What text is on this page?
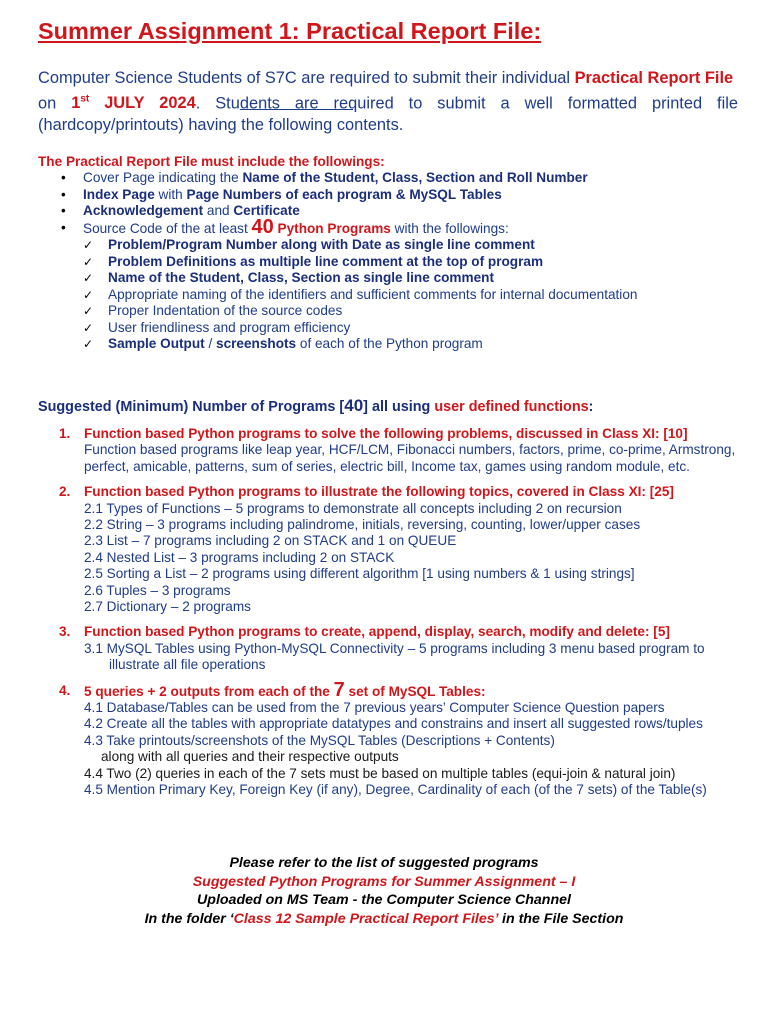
Summer Assignment 1: Practical Report File:

Computer Science Students of S7C are required to submit their individual Practical Report File
on 1st JULY 2024. Students are required to submit a well formatted printed file (hardcopy/printouts) having the following contents.

The Practical Report File must include the followings:
• Cover Page indicating the Name of the Student, Class, Section and Roll Number
• Index Page with Page Numbers of each program & MySQL Tables
• Acknowledgement and Certificate
• Source Code of the at least 40 Python Programs with the followings:
✓ Problem/Program Number along with Date as single line comment
✓ Problem Definitions as multiple line comment at the top of program
✓ Name of the Student, Class, Section as single line comment
✓ Appropriate naming of the identifiers and sufficient comments for internal documentation
✓ Proper Indentation of the source codes
✓ User friendliness and program efficiency
✓ Sample Output / screenshots of each of the Python program
Suggested (Minimum) Number of Programs [40] all using user defined functions:
1. Function based Python programs to solve the following problems, discussed in Class XI: [10]
Function based programs like leap year, HCF/LCM, Fibonacci numbers, factors, prime, co-prime, Armstrong, perfect, amicable, patterns, sum of series, electric bill, Income tax, games using random module, etc.
2. Function based Python programs to illustrate the following topics, covered in Class XI: [25]
2.1 Types of Functions – 5 programs to demonstrate all concepts including 2 on recursion
2.2 String – 3 programs including palindrome, initials, reversing, counting, lower/upper cases
2.3 List – 7 programs including 2 on STACK and 1 on QUEUE
2.4 Nested List – 3 programs including 2 on STACK
2.5 Sorting a List – 2 programs using different algorithm [1 using numbers & 1 using strings]
2.6 Tuples – 3 programs
2.7 Dictionary – 2 programs
3. Function based Python programs to create, append, display, search, modify and delete: [5]
3.1 MySQL Tables using Python-MySQL Connectivity – 5 programs including 3 menu based program to
illustrate all file operations
4. 5 queries + 2 outputs from each of the 7 set of MySQL Tables:
4.1 Database/Tables can be used from the 7 previous years’ Computer Science Question papers
4.2 Create all the tables with appropriate datatypes and constrains and insert all suggested rows/tuples
4.3 Take printouts/screenshots of the MySQL Tables (Descriptions + Contents)
along with all queries and their respective outputs
4.4 Two (2) queries in each of the 7 sets must be based on multiple tables (equi-join & natural join)
4.5 Mention Primary Key, Foreign Key (if any), Degree, Cardinality of each (of the 7 sets) of the Table(s)
Please refer to the list of suggested programs
Suggested Python Programs for Summer Assignment – I
Uploaded on MS Team - the Computer Science Channel
In the folder ‘Class 12 Sample Practical Report Files’ in the File Section
